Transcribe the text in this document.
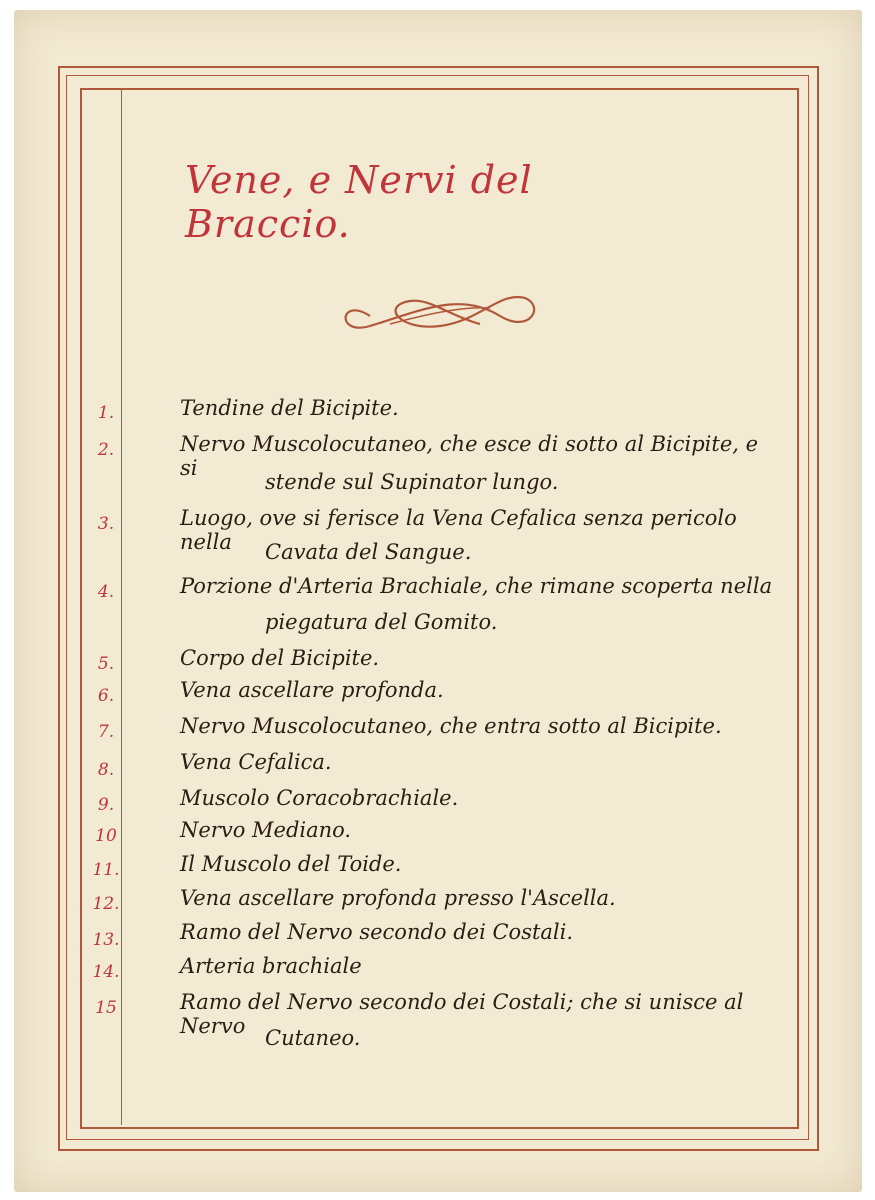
Vene, e Nervi del Braccio.
1.	Tendine del Bicipite.
2.	Nervo Muscolocutaneo, che esce di sotto al Bicipite, e si
stende sul Supinator lungo.
3.	Luogo, ove si ferisce la Vena Cefalica senza pericolo nella	Cavata del Sangue.
4.	Porzione d'Arteria Brachiale, che rimane scoperta nella
piegatura del Gomito.
5.	Corpo del Bicipite.
6.	Vena ascellare profonda.
7.	Nervo Muscolocutaneo, che entra sotto al Bicipite.
8.	Vena Cefalica.
9.	Muscolo Coracobrachiale.
10	Nervo Mediano.
11.	Il Muscolo del Toide.
12.	Vena ascellare profonda presso l'Ascella.
13.	Ramo del Nervo secondo dei Costali.
14.	Arteria brachiale
15	Ramo del Nervo secondo dei Costali; che si unisce al Nervo Cutaneo.
